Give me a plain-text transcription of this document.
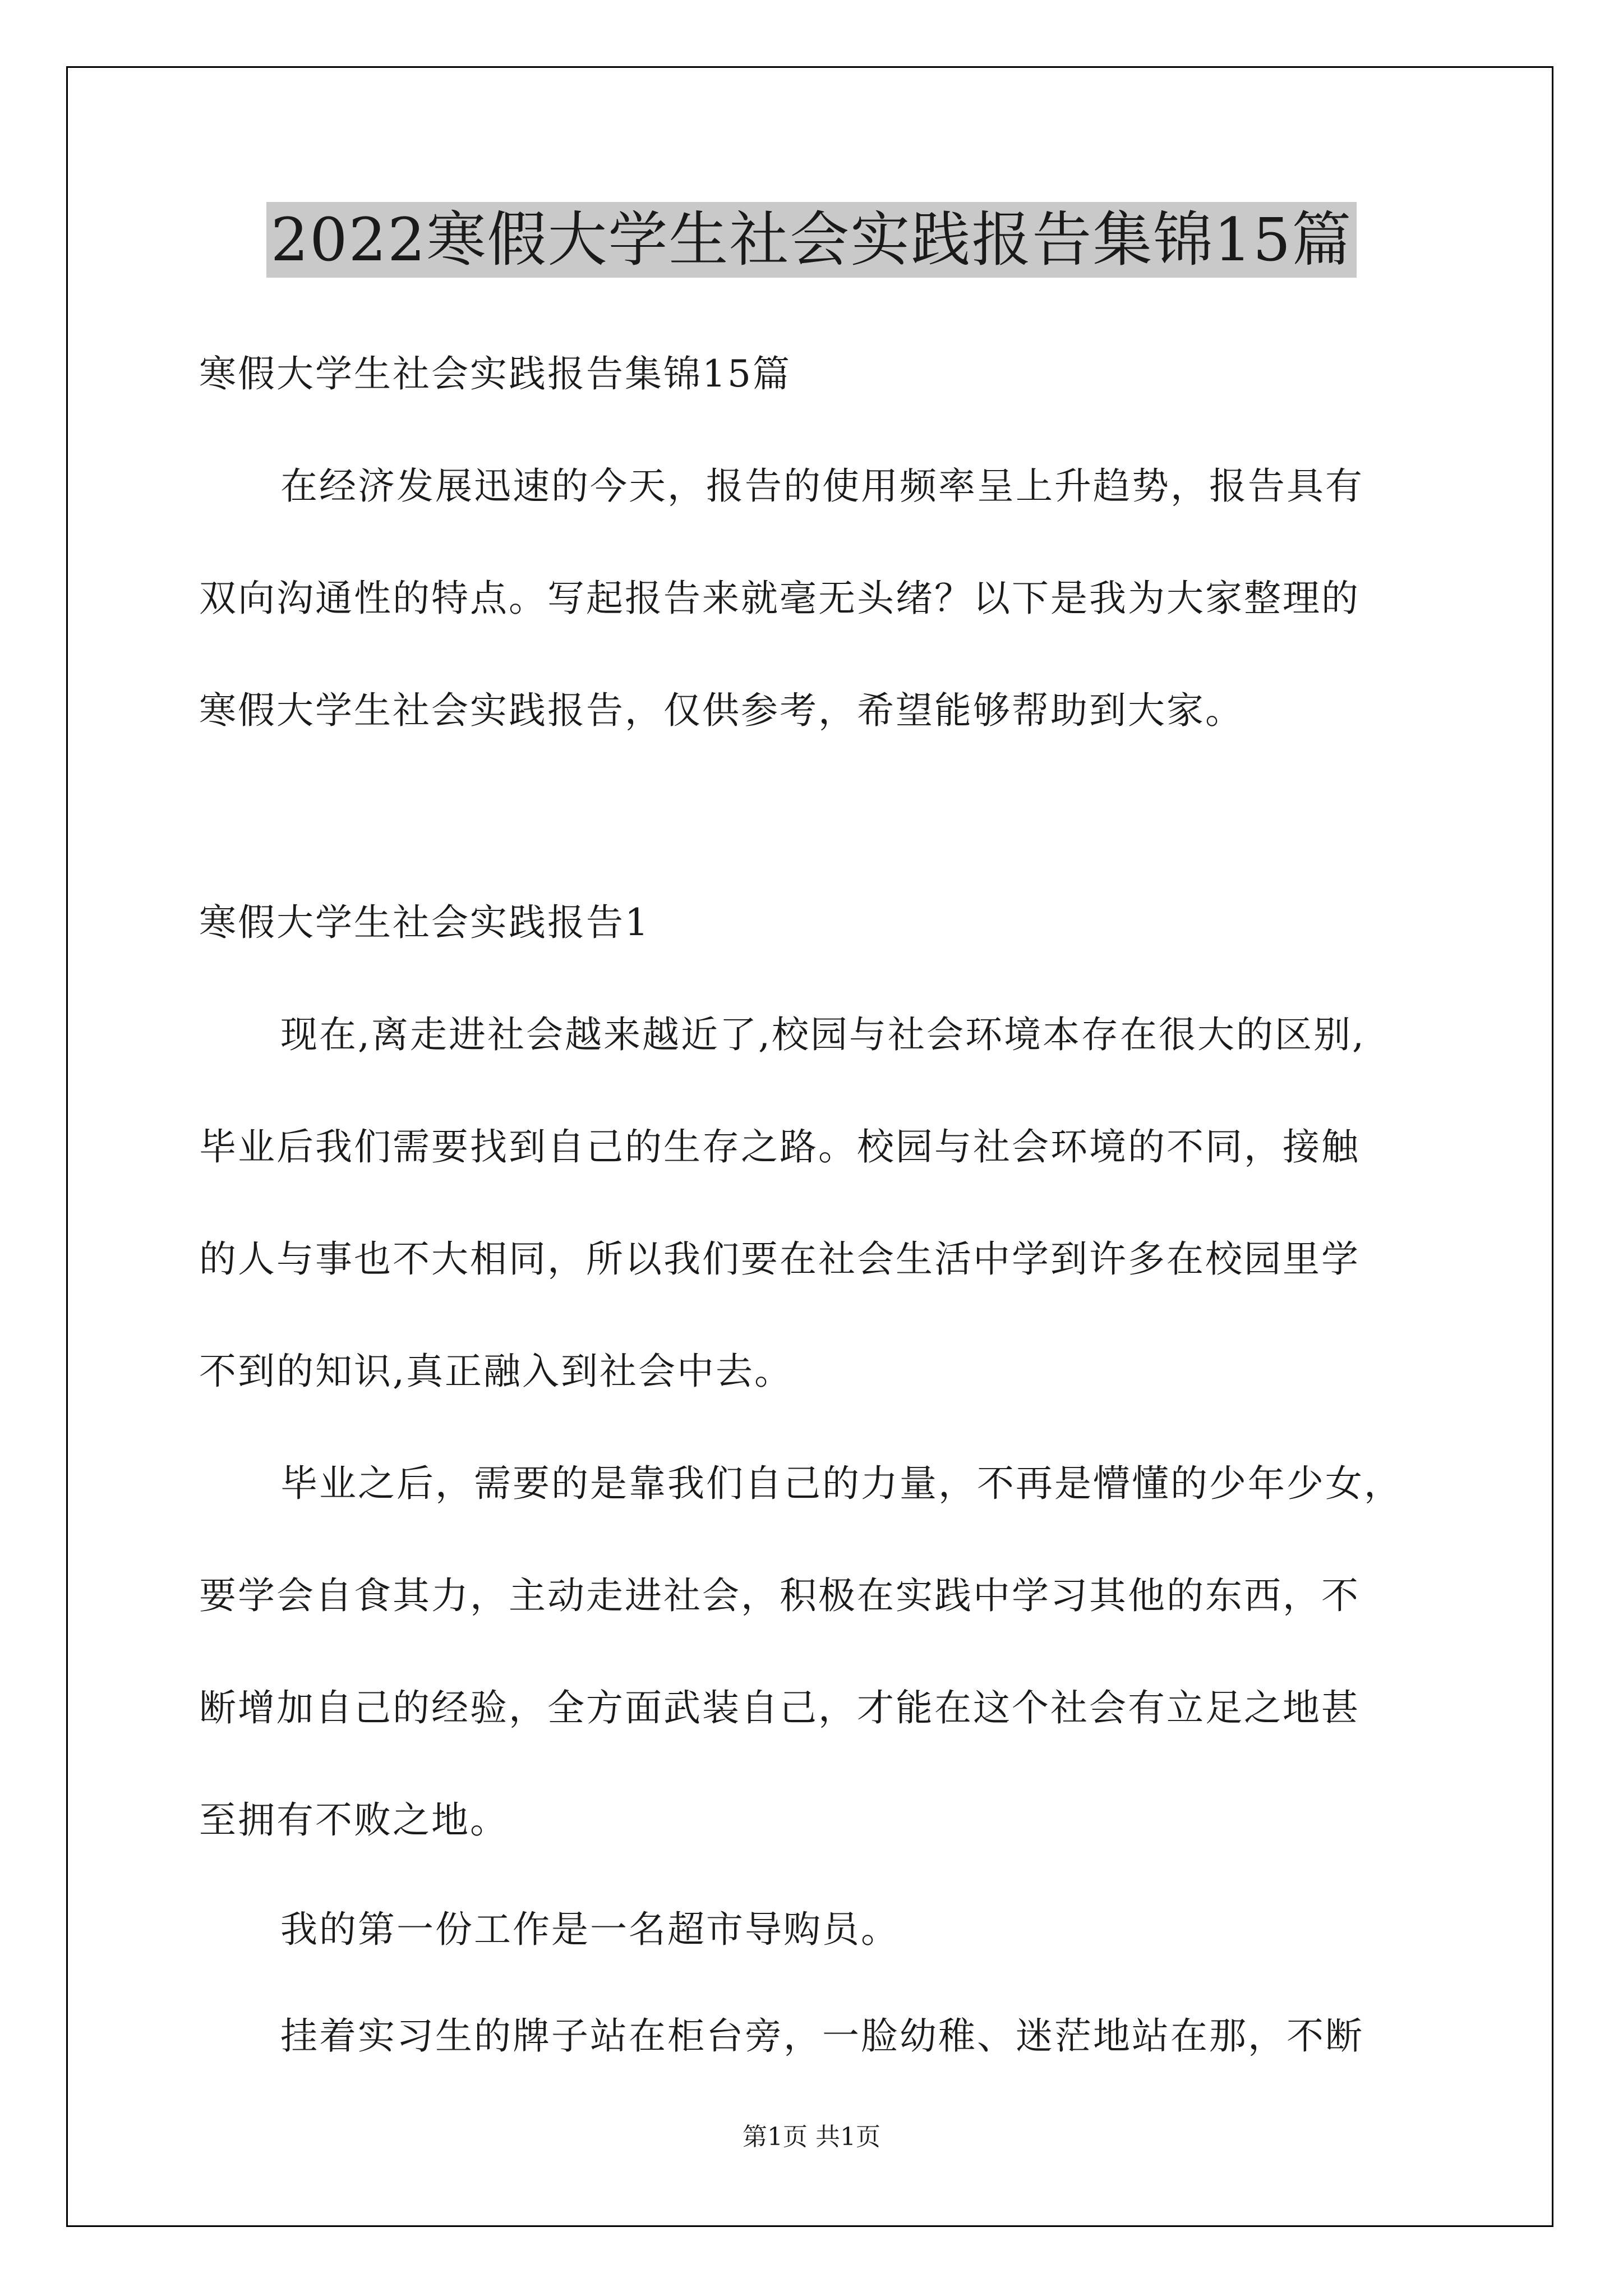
2022寒假大学生社会实践报告集锦15篇
寒假大学生社会实践报告集锦15篇
在经济发展迅速的今天，报告的使用频率呈上升趋势，报告具有
双向沟通性的特点。写起报告来就毫无头绪？以下是我为大家整理的
寒假大学生社会实践报告，仅供参考，希望能够帮助到大家。
寒假大学生社会实践报告1
现在,离走进社会越来越近了,校园与社会环境本存在很大的区别,
毕业后我们需要找到自己的生存之路。校园与社会环境的不同，接触
的人与事也不大相同，所以我们要在社会生活中学到许多在校园里学
不到的知识,真正融入到社会中去。
毕业之后，需要的是靠我们自己的力量，不再是懵懂的少年少女，
要学会自食其力，主动走进社会，积极在实践中学习其他的东西，不
断增加自己的经验，全方面武装自己，才能在这个社会有立足之地甚
至拥有不败之地。
我的第一份工作是一名超市导购员。
挂着实习生的牌子站在柜台旁，一脸幼稚、迷茫地站在那，不断
第1页 共1页
